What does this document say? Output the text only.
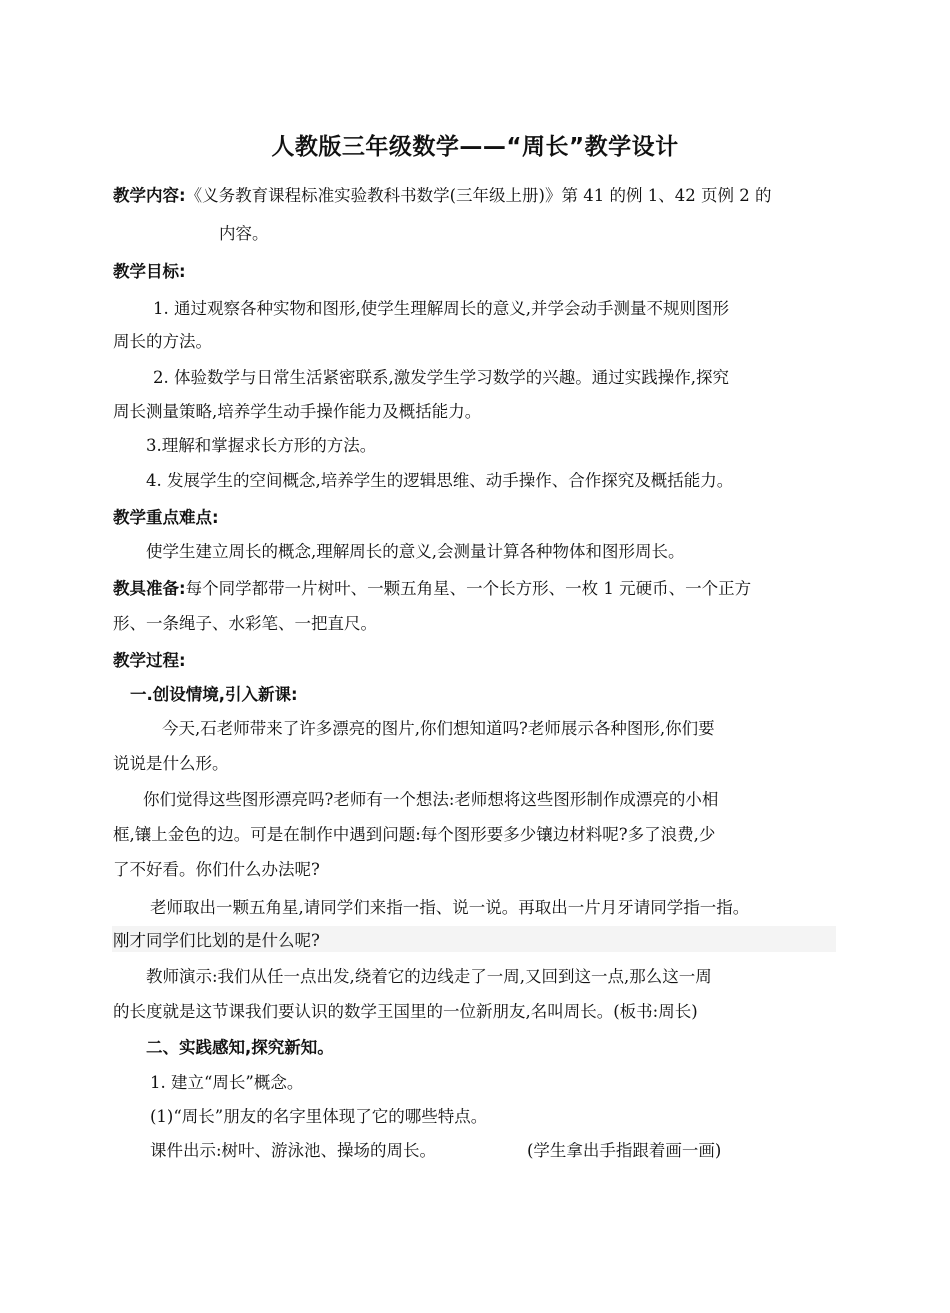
人教版三年级数学——“周长”教学设计
教学内容:《义务教育课程标准实验教科书数学(三年级上册)》第 41 的例 1、42 页例 2 的
内容。
教学目标:
1. 通过观察各种实物和图形,使学生理解周长的意义,并学会动手测量不规则图形
周长的方法。
2. 体验数学与日常生活紧密联系,激发学生学习数学的兴趣。通过实践操作,探究
周长测量策略,培养学生动手操作能力及概括能力。
3.理解和掌握求长方形的方法。
4. 发展学生的空间概念,培养学生的逻辑思维、动手操作、合作探究及概括能力。
教学重点难点:
使学生建立周长的概念,理解周长的意义,会测量计算各种物体和图形周长。
教具准备:每个同学都带一片树叶、一颗五角星、一个长方形、一枚 1 元硬币、一个正方
形、一条绳子、水彩笔、一把直尺。
教学过程:
一.创设情境,引入新课:
今天,石老师带来了许多漂亮的图片,你们想知道吗?老师展示各种图形,你们要
说说是什么形。
你们觉得这些图形漂亮吗?老师有一个想法:老师想将这些图形制作成漂亮的小相
框,镶上金色的边。可是在制作中遇到问题:每个图形要多少镶边材料呢?多了浪费,少
了不好看。你们什么办法呢?
老师取出一颗五角星,请同学们来指一指、说一说。再取出一片月牙请同学指一指。
刚才同学们比划的是什么呢?
教师演示:我们从任一点出发,绕着它的边线走了一周,又回到这一点,那么这一周
的长度就是这节课我们要认识的数学王国里的一位新朋友,名叫周长。(板书:周长)
二、实践感知,探究新知。
1. 建立“周长”概念。
(1)“周长”朋友的名字里体现了它的哪些特点。
课件出示:树叶、游泳池、操场的周长。	(学生拿出手指跟着画一画)
